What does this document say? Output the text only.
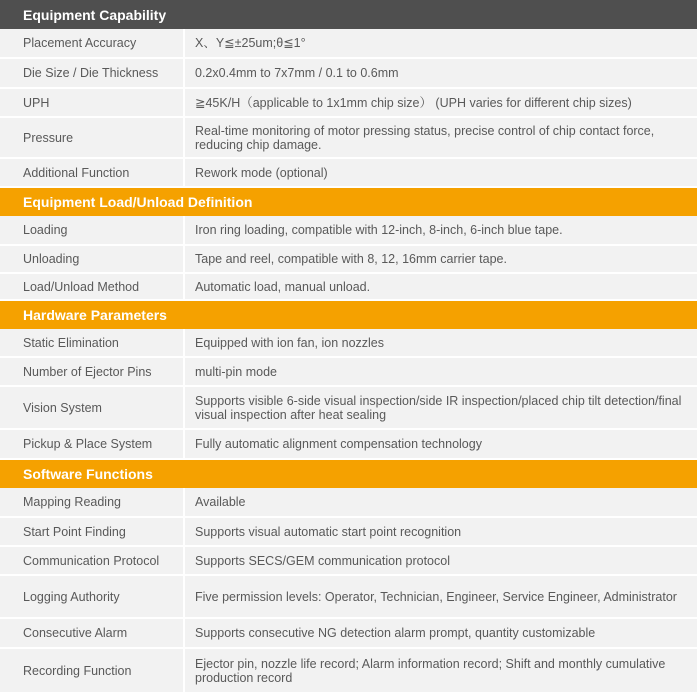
Equipment Capability
Placement Accuracy	X、Y≦±25um;θ≦1°
Die Size / Die Thickness	0.2x0.4mm to 7x7mm / 0.1 to 0.6mm
UPH	≧45K/H（applicable to 1x1mm chip size） (UPH varies for different chip sizes)
Pressure	Real-time monitoring of motor pressing status, precise control of chip contact force, reducing chip damage.
Additional Function	Rework mode (optional)
Equipment Load/Unload Definition
Loading	Iron ring loading, compatible with 12-inch, 8-inch, 6-inch blue tape.
Unloading	Tape and reel, compatible with 8, 12, 16mm carrier tape.
Load/Unload Method	Automatic load, manual unload.
Hardware Parameters
Static Elimination	Equipped with ion fan, ion nozzles
Number of Ejector Pins	multi-pin mode
Vision System	Supports visible 6-side visual inspection/side IR inspection/placed chip tilt detection/final visual inspection after heat sealing
Pickup & Place System	Fully automatic alignment compensation technology
Software Functions
Mapping Reading	Available
Start Point Finding	Supports visual automatic start point recognition
Communication Protocol	Supports SECS/GEM communication protocol
Logging Authority	Five permission levels: Operator, Technician, Engineer, Service Engineer, Administrator
Consecutive Alarm	Supports consecutive NG detection alarm prompt, quantity customizable
Recording Function	Ejector pin, nozzle life record; Alarm information record; Shift and monthly cumulative production record
